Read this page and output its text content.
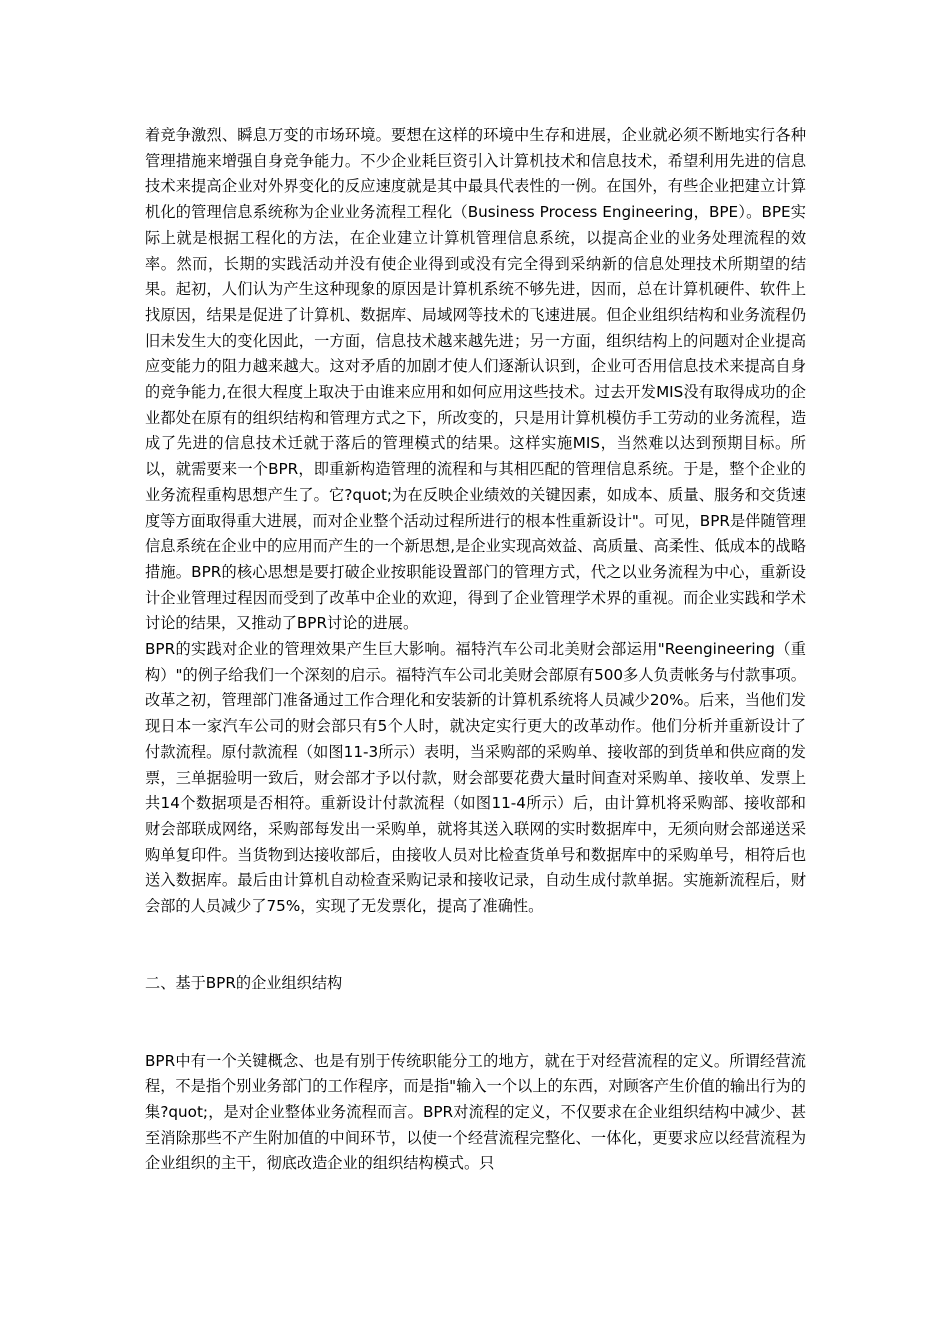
着竞争激烈、瞬息万变的市场环境。要想在这样的环境中生存和进展，企业就必须不断地实行各种管理措施来增强自身竞争能力。不少企业耗巨资引入计算机技术和信息技术，希望利用先进的信息技术来提高企业对外界变化的反应速度就是其中最具代表性的一例。在国外，有些企业把建立计算机化的管理信息系统称为企业业务流程工程化（Business Process Engineering，BPE）。BPE实际上就是根据工程化的方法，在企业建立计算机管理信息系统，以提高企业的业务处理流程的效率。然而，长期的实践活动并没有使企业得到或没有完全得到采纳新的信息处理技术所期望的结果。起初，人们认为产生这种现象的原因是计算机系统不够先进，因而，总在计算机硬件、软件上找原因，结果是促进了计算机、数据库、局域网等技术的飞速进展。但企业组织结构和业务流程仍旧未发生大的变化因此，一方面，信息技术越来越先进；另一方面，组织结构上的问题对企业提高应变能力的阻力越来越大。这对矛盾的加剧才使人们逐渐认识到，企业可否用信息技术来提高自身的竞争能力,在很大程度上取决于由谁来应用和如何应用这些技术。过去开发MIS没有取得成功的企业都处在原有的组织结构和管理方式之下，所改变的，只是用计算机模仿手工劳动的业务流程，造成了先进的信息技术迁就于落后的管理模式的结果。这样实施MIS，当然难以达到预期目标。所以，就需要来一个BPR，即重新构造管理的流程和与其相匹配的管理信息系统。于是，整个企业的业务流程重构思想产生了。它?quot;为在反映企业绩效的关键因素，如成本、质量、服务和交货速度等方面取得重大进展，而对企业整个活动过程所进行的根本性重新设计"。可见，BPR是伴随管理信息系统在企业中的应用而产生的一个新思想,是企业实现高效益、高质量、高柔性、低成本的战略措施。BPR的核心思想是要打破企业按职能设置部门的管理方式，代之以业务流程为中心，重新设计企业管理过程因而受到了改革中企业的欢迎，得到了企业管理学术界的重视。而企业实践和学术讨论的结果，又推动了BPR讨论的进展。

BPR的实践对企业的管理效果产生巨大影响。福特汽车公司北美财会部运用"Reengineering（重构）"的例子给我们一个深刻的启示。福特汽车公司北美财会部原有500多人负责帐务与付款事项。改革之初，管理部门准备通过工作合理化和安装新的计算机系统将人员减少20%。后来，当他们发现日本一家汽车公司的财会部只有5个人时，就决定实行更大的改革动作。他们分析并重新设计了付款流程。原付款流程（如图11-3所示）表明，当采购部的采购单、接收部的到货单和供应商的发票，三单据验明一致后，财会部才予以付款，财会部要花费大量时间查对采购单、接收单、发票上共14个数据项是否相符。重新设计付款流程（如图11-4所示）后，由计算机将采购部、接收部和财会部联成网络，采购部每发出一采购单，就将其送入联网的实时数据库中，无须向财会部递送采购单复印件。当货物到达接收部后，由接收人员对比检查货单号和数据库中的采购单号，相符后也送入数据库。最后由计算机自动检查采购记录和接收记录，自动生成付款单据。实施新流程后，财会部的人员减少了75%，实现了无发票化，提高了准确性。

二、基于BPR的企业组织结构

BPR中有一个关键概念、也是有别于传统职能分工的地方，就在于对经营流程的定义。所谓经营流程，不是指个别业务部门的工作程序，而是指"输入一个以上的东西，对顾客产生价值的输出行为的集?quot;，是对企业整体业务流程而言。BPR对流程的定义，不仅要求在企业组织结构中减少、甚至消除那些不产生附加值的中间环节，以使一个经营流程完整化、一体化，更要求应以经营流程为企业组织的主干，彻底改造企业的组织结构模式。只
